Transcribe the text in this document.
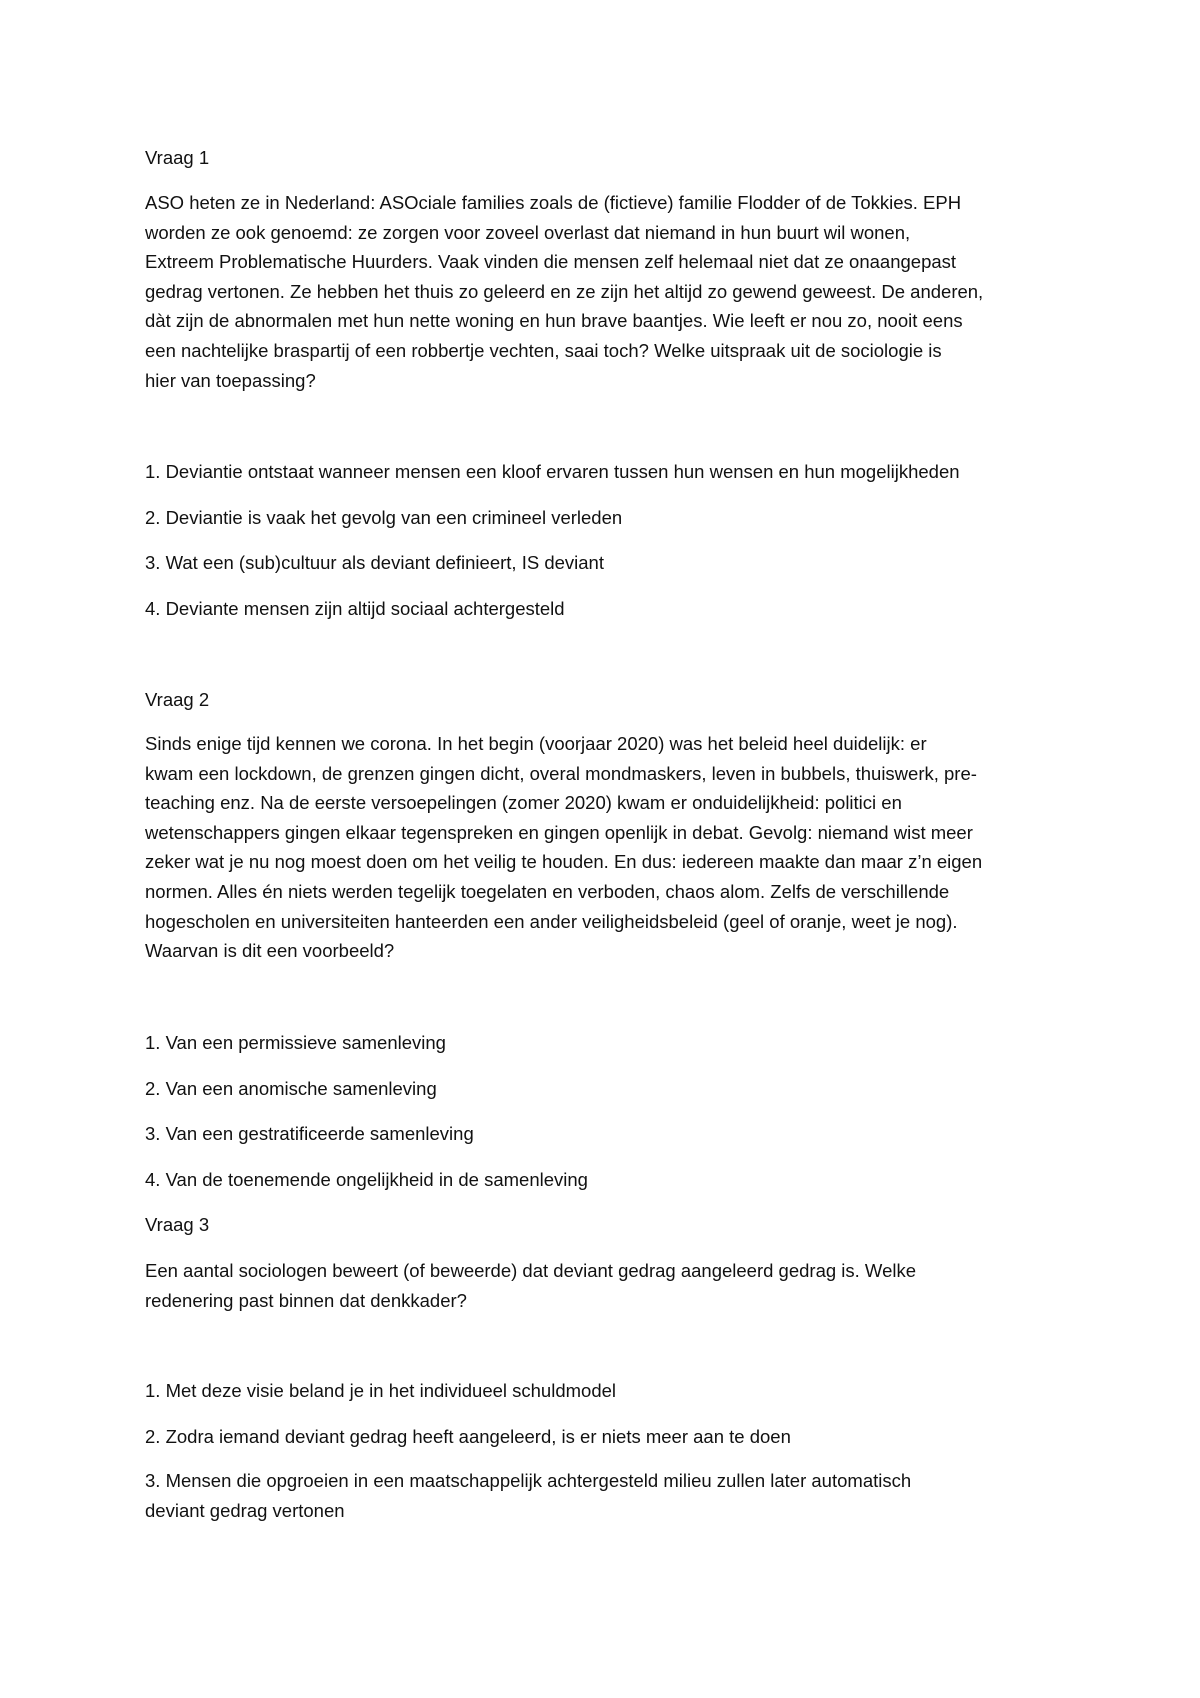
Vraag 1
ASO heten ze in Nederland: ASOciale families zoals de (fictieve) familie Flodder of de Tokkies. EPH
worden ze ook genoemd: ze zorgen voor zoveel overlast dat niemand in hun buurt wil wonen,
Extreem Problematische Huurders. Vaak vinden die mensen zelf helemaal niet dat ze onaangepast
gedrag vertonen. Ze hebben het thuis zo geleerd en ze zijn het altijd zo gewend geweest. De anderen,
dàt zijn de abnormalen met hun nette woning en hun brave baantjes. Wie leeft er nou zo, nooit eens
een nachtelijke braspartij of een robbertje vechten, saai toch? Welke uitspraak uit de sociologie is
hier van toepassing?
1. Deviantie ontstaat wanneer mensen een kloof ervaren tussen hun wensen en hun mogelijkheden
2. Deviantie is vaak het gevolg van een crimineel verleden
3. Wat een (sub)cultuur als deviant definieert, IS deviant
4. Deviante mensen zijn altijd sociaal achtergesteld
Vraag 2
Sinds enige tijd kennen we corona. In het begin (voorjaar 2020) was het beleid heel duidelijk: er
kwam een lockdown, de grenzen gingen dicht, overal mondmaskers, leven in bubbels, thuiswerk, pre-
teaching enz. Na de eerste versoepelingen (zomer 2020) kwam er onduidelijkheid: politici en
wetenschappers gingen elkaar tegenspreken en gingen openlijk in debat. Gevolg: niemand wist meer
zeker wat je nu nog moest doen om het veilig te houden. En dus: iedereen maakte dan maar z’n eigen
normen. Alles én niets werden tegelijk toegelaten en verboden, chaos alom. Zelfs de verschillende
hogescholen en universiteiten hanteerden een ander veiligheidsbeleid (geel of oranje, weet je nog).
Waarvan is dit een voorbeeld?
1. Van een permissieve samenleving
2. Van een anomische samenleving
3. Van een gestratificeerde samenleving
4. Van de toenemende ongelijkheid in de samenleving
Vraag 3
Een aantal sociologen beweert (of beweerde) dat deviant gedrag aangeleerd gedrag is. Welke
redenering past binnen dat denkkader?
1. Met deze visie beland je in het individueel schuldmodel
2. Zodra iemand deviant gedrag heeft aangeleerd, is er niets meer aan te doen
3. Mensen die opgroeien in een maatschappelijk achtergesteld milieu zullen later automatisch
deviant gedrag vertonen
